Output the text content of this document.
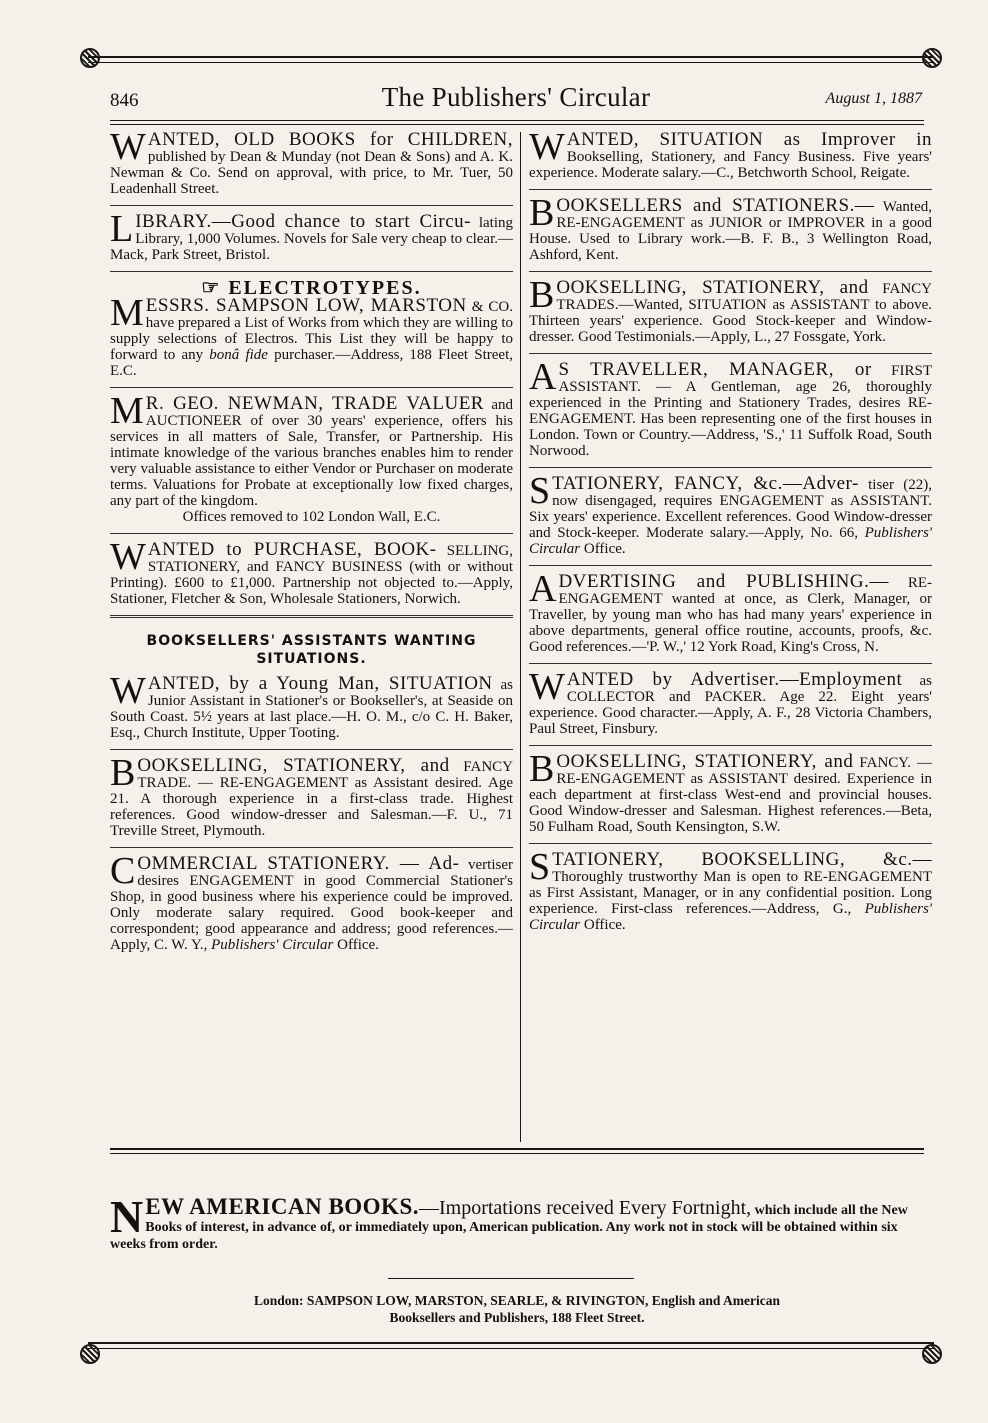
846	The Publishers' Circular	August 1, 1887
W ANTED, OLD BOOKS for CHILDREN, published by Dean & Munday (not Dean & Sons) and A. K. Newman & Co. Send on approval, with price, to Mr. Tuer, 50 Leadenhall Street.
L IBRARY.—Good chance to start Circu- lating Library, 1,000 Volumes. Novels for Sale very cheap to clear.—Mack, Park Street, Bristol.
☞ ELECTROTYPES.
M ESSRS. SAMPSON LOW, MARSTON & CO. have prepared a List of Works from which they are willing to supply selections of Electros. This List they will be happy to forward to any bonâ fide purchaser.—Address, 188 Fleet Street, E.C.
M R. GEO. NEWMAN, TRADE VALUER and AUCTIONEER of over 30 years' experience, offers his services in all matters of Sale, Transfer, or Partnership. His intimate knowledge of the various branches enables him to render very valuable assistance to either Vendor or Purchaser on moderate terms. Valuations for Probate at exceptionally low fixed charges, any part of the kingdom.
Offices removed to 102 London Wall, E.C.
W ANTED to PURCHASE, BOOK- SELLING, STATIONERY, and FANCY BUSINESS (with or without Printing). £600 to £1,000. Partnership not objected to.—Apply, Stationer, Fletcher & Son, Wholesale Stationers, Norwich.
BOOKSELLERS' ASSISTANTS WANTING SITUATIONS.
W ANTED, by a Young Man, SITUATION as Junior Assistant in Stationer's or Bookseller's, at Seaside on South Coast. 5½ years at last place.—H. O. M., c/o C. H. Baker, Esq., Church Institute, Upper Tooting.
B OOKSELLING, STATIONERY, and FANCY TRADE. — RE-ENGAGEMENT as Assistant desired. Age 21. A thorough experience in a first-class trade. Highest references. Good window-dresser and Salesman.—F. U., 71 Treville Street, Plymouth.
C OMMERCIAL STATIONERY. — Ad- vertiser desires ENGAGEMENT in good Commercial Stationer's Shop, in good business where his experience could be improved. Only moderate salary required. Good book-keeper and correspondent; good appearance and address; good references.—Apply, C. W. Y., Publishers' Circular Office.
W ANTED, SITUATION as Improver in Bookselling, Stationery, and Fancy Business. Five years' experience. Moderate salary.—C., Betchworth School, Reigate.
B OOKSELLERS and STATIONERS.— Wanted, RE-ENGAGEMENT as JUNIOR or IMPROVER in a good House. Used to Library work.—B. F. B., 3 Wellington Road, Ashford, Kent.
B OOKSELLING, STATIONERY, and FANCY TRADES.—Wanted, SITUATION as ASSISTANT to above. Thirteen years' experience. Good Stock-keeper and Window-dresser. Good Testimonials.—Apply, L., 27 Fossgate, York.
A S TRAVELLER, MANAGER, or FIRST ASSISTANT. — A Gentleman, age 26, thoroughly experienced in the Printing and Stationery Trades, desires RE-ENGAGEMENT. Has been representing one of the first houses in London. Town or Country.—Address, 'S.,' 11 Suffolk Road, South Norwood.
S TATIONERY, FANCY, &c.—Adver- tiser (22), now disengaged, requires ENGAGEMENT as ASSISTANT. Six years' experience. Excellent references. Good Window-dresser and Stock-keeper. Moderate salary.—Apply, No. 66, Publishers' Circular Office.
A DVERTISING and PUBLISHING.— RE-ENGAGEMENT wanted at once, as Clerk, Manager, or Traveller, by young man who has had many years' experience in above departments, general office routine, accounts, proofs, &c. Good references.—'P. W.,' 12 York Road, King's Cross, N.
W ANTED by Advertiser.—Employment as COLLECTOR and PACKER. Age 22. Eight years' experience. Good character.—Apply, A. F., 28 Victoria Chambers, Paul Street, Finsbury.
B OOKSELLING, STATIONERY, and FANCY. — RE-ENGAGEMENT as ASSISTANT desired. Experience in each department at first-class West-end and provincial houses. Good Window-dresser and Salesman. Highest references.—Beta, 50 Fulham Road, South Kensington, S.W.
S TATIONERY, BOOKSELLING, &c.— Thoroughly trustworthy Man is open to RE-ENGAGEMENT as First Assistant, Manager, or in any confidential position. Long experience. First-class references.—Address, G., Publishers' Circular Office.
N EW AMERICAN BOOKS.—Importations received Every Fortnight, which include all the New Books of interest, in advance of, or immediately upon, American publication. Any work not in stock will be obtained within six weeks from order.
London: SAMPSON LOW, MARSTON, SEARLE, & RIVINGTON, English and American
Booksellers and Publishers, 188 Fleet Street.
